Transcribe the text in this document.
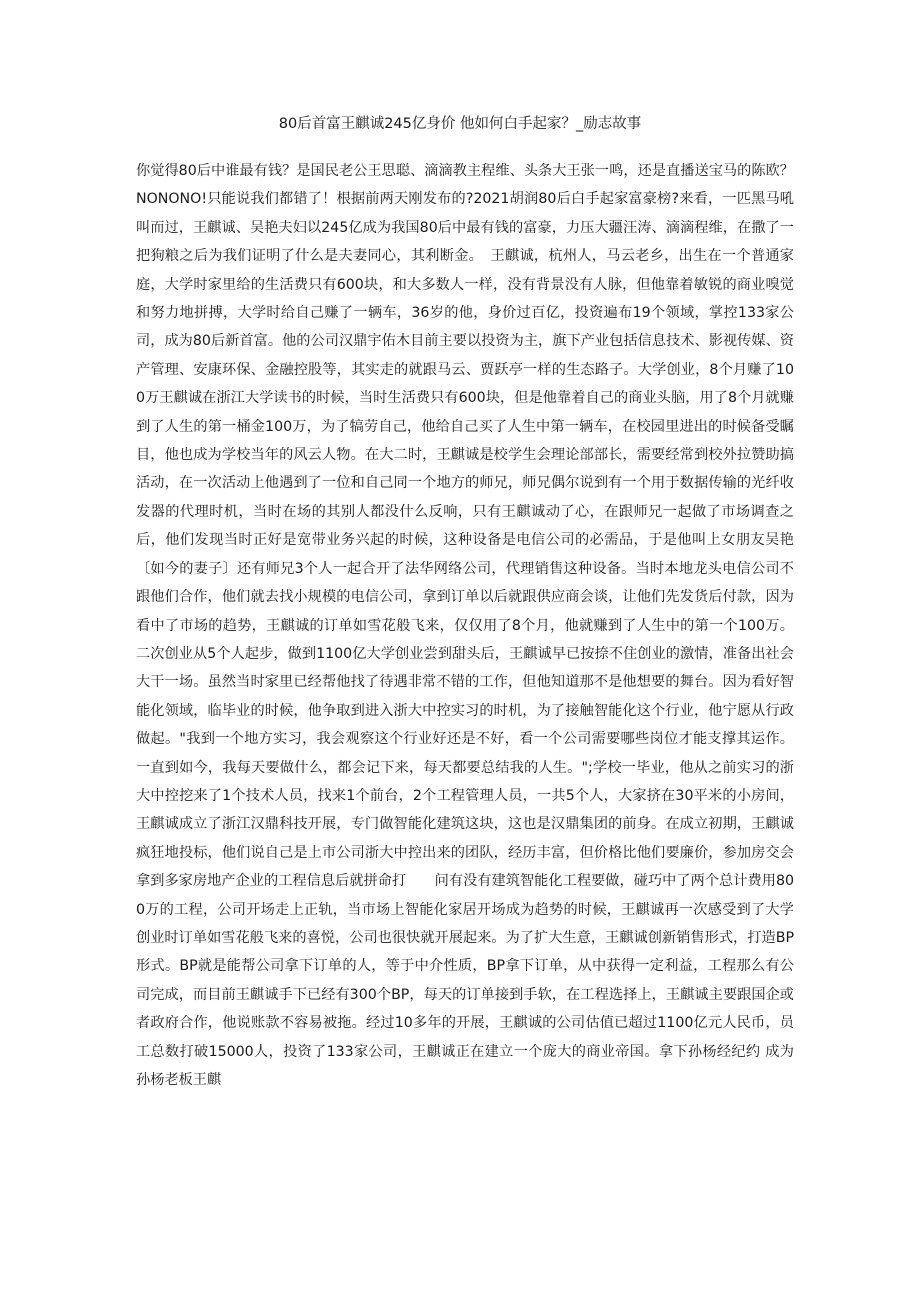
80后首富王麒诚245亿身价 他如何白手起家？_励志故事

你觉得80后中谁最有钱？是国民老公王思聪、滴滴教主程维、头条大王张一鸣，还是直播送宝马的陈欧？NONONO!只能说我们都错了！根据前两天刚发布的?2021胡润80后白手起家富豪榜?来看，一匹黑马吼叫而过，王麒诚、吴艳夫妇以245亿成为我国80后中最有钱的富豪，力压大疆汪涛、滴滴程维，在撒了一把狗粮之后为我们证明了什么是夫妻同心，其利断金。　王麒诚，杭州人，马云老乡，出生在一个普通家庭，大学时家里给的生活费只有600块，和大多数人一样，没有背景没有人脉，但他靠着敏锐的商业嗅觉和努力地拼搏，大学时给自己赚了一辆车，36岁的他，身价过百亿，投资遍布19个领域，掌控133家公司，成为80后新首富。他的公司汉鼎宇佑木目前主要以投资为主，旗下产业包括信息技术、影视传媒、资产管理、安康环保、金融控股等，其实走的就跟马云、贾跃亭一样的生态路子。大学创业，8个月赚了100万王麒诚在浙江大学读书的时候，当时生活费只有600块，但是他靠着自己的商业头脑，用了8个月就赚到了人生的第一桶金100万，为了犒劳自己，他给自己买了人生中第一辆车，在校园里进出的时候备受瞩目，他也成为学校当年的风云人物。在大二时，王麒诚是校学生会理论部部长，需要经常到校外拉赞助搞活动，在一次活动上他遇到了一位和自己同一个地方的师兄，师兄偶尔说到有一个用于数据传输的光纤收发器的代理时机，当时在场的其别人都没什么反响，只有王麒诚动了心，在跟师兄一起做了市场调查之后，他们发现当时正好是宽带业务兴起的时候，这种设备是电信公司的必需品，于是他叫上女朋友吴艳〔如今的妻子〕还有师兄3个人一起合开了法华网络公司，代理销售这种设备。当时本地龙头电信公司不跟他们合作，他们就去找小规模的电信公司，拿到订单以后就跟供应商会谈，让他们先发货后付款，因为看中了市场的趋势，王麒诚的订单如雪花般飞来，仅仅用了8个月，他就赚到了人生中的第一个100万。二次创业从5个人起步，做到1100亿大学创业尝到甜头后，王麒诚早已按捺不住创业的激情，准备出社会大干一场。虽然当时家里已经帮他找了待遇非常不错的工作，但他知道那不是他想要的舞台。因为看好智能化领域，临毕业的时候，他争取到进入浙大中控实习的时机，为了接触智能化这个行业，他宁愿从行政做起。"我到一个地方实习，我会观察这个行业好还是不好，看一个公司需要哪些岗位才能支撑其运作。一直到如今，我每天要做什么，都会记下来，每天都要总结我的人生。";学校一毕业，他从之前实习的浙大中控挖来了1个技术人员，找来1个前台，2个工程管理人员，一共5个人，大家挤在30平米的小房间，王麒诚成立了浙江汉鼎科技开展，专门做智能化建筑这块，这也是汉鼎集团的前身。在成立初期，王麒诚疯狂地投标，他们说自己是上市公司浙大中控出来的团队，经历丰富，但价格比他们要廉价，参加房交会拿到多家房地产企业的工程信息后就拼命打　　问有没有建筑智能化工程要做，碰巧中了两个总计费用800万的工程，公司开场走上正轨，当市场上智能化家居开场成为趋势的时候，王麒诚再一次感受到了大学创业时订单如雪花般飞来的喜悦，公司也很快就开展起来。为了扩大生意，王麒诚创新销售形式，打造BP形式。BP就是能帮公司拿下订单的人，等于中介性质，BP拿下订单，从中获得一定利益，工程那么有公司完成，而目前王麒诚手下已经有300个BP，每天的订单接到手软，在工程选择上，王麒诚主要跟国企或者政府合作，他说账款不容易被拖。经过10多年的开展，王麒诚的公司估值已超过1100亿元人民币，员工总数打破15000人，投资了133家公司，王麒诚正在建立一个庞大的商业帝国。拿下孙杨经纪约 成为孙杨老板王麒
